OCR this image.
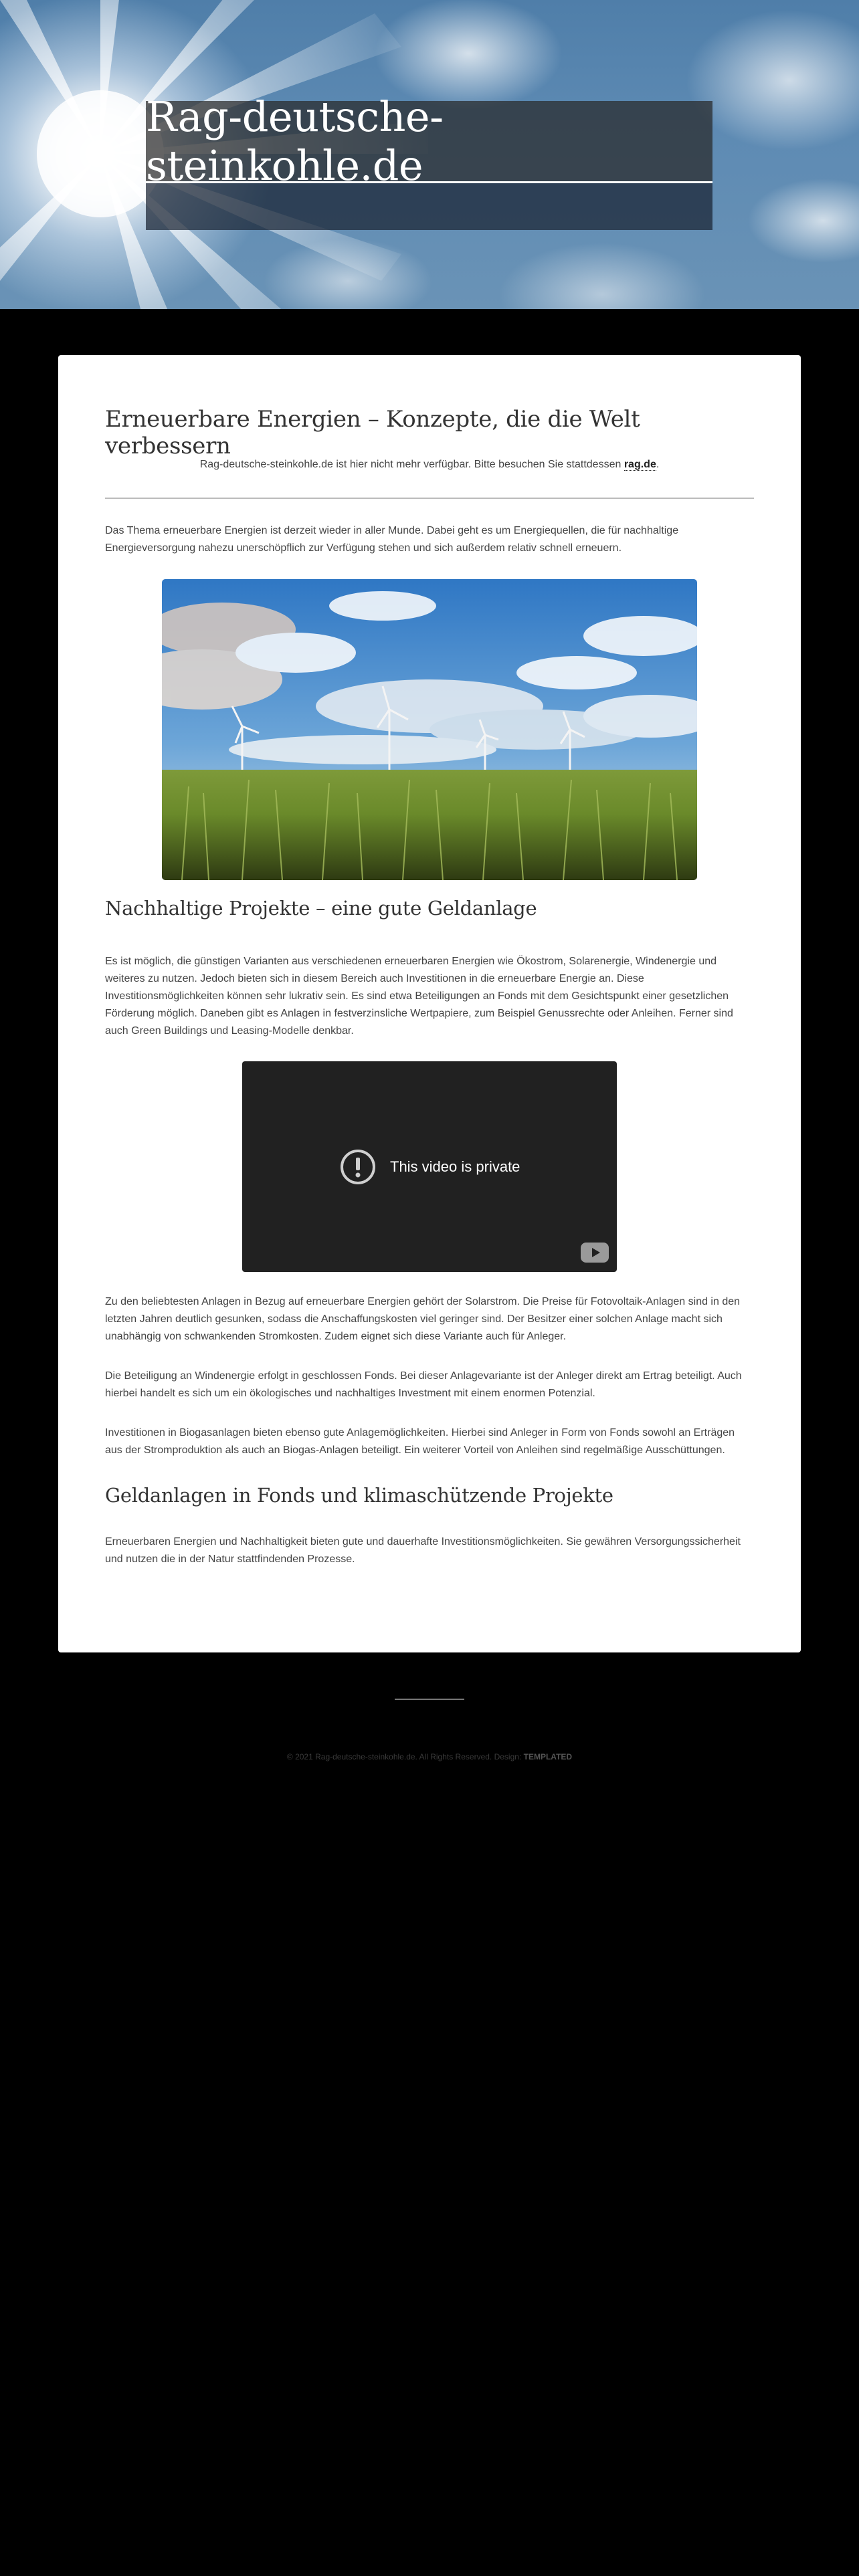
Rag-deutsche-steinkohle.de
Erneuerbare Energien – Konzepte, die die Welt verbessern
Rag-deutsche-steinkohle.de ist hier nicht mehr verfügbar. Bitte besuchen Sie stattdessen rag.de.

Das Thema erneuerbare Energien ist derzeit wieder in aller Munde. Dabei geht es um Energiequellen, die für nachhaltige Energieversorgung nahezu unerschöpflich zur Verfügung stehen und sich außerdem relativ schnell erneuern.

Nachhaltige Projekte – eine gute Geldanlage

Es ist möglich, die günstigen Varianten aus verschiedenen erneuerbaren Energien wie Ökostrom, Solarenergie, Windenergie und weiteres zu nutzen. Jedoch bieten sich in diesem Bereich auch Investitionen in die erneuerbare Energie an. Diese Investitionsmöglichkeiten können sehr lukrativ sein. Es sind etwa Beteiligungen an Fonds mit dem Gesichtspunkt einer gesetzlichen Förderung möglich. Daneben gibt es Anlagen in festverzinsliche Wertpapiere, zum Beispiel Genussrechte oder Anleihen. Ferner sind auch Green Buildings und Leasing-Modelle denkbar.

This video is private

Zu den beliebtesten Anlagen in Bezug auf erneuerbare Energien gehört der Solarstrom. Die Preise für Fotovoltaik-Anlagen sind in den letzten Jahren deutlich gesunken, sodass die Anschaffungskosten viel geringer sind. Der Besitzer einer solchen Anlage macht sich unabhängig von schwankenden Stromkosten. Zudem eignet sich diese Variante auch für Anleger.

Die Beteiligung an Windenergie erfolgt in geschlossen Fonds. Bei dieser Anlagevariante ist der Anleger direkt am Ertrag beteiligt. Auch hierbei handelt es sich um ein ökologisches und nachhaltiges Investment mit einem enormen Potenzial.

Investitionen in Biogasanlagen bieten ebenso gute Anlagemöglichkeiten. Hierbei sind Anleger in Form von Fonds sowohl an Erträgen aus der Stromproduktion als auch an Biogas-Anlagen beteiligt. Ein weiterer Vorteil von Anleihen sind regelmäßige Ausschüttungen.

Geldanlagen in Fonds und klimaschützende Projekte

Erneuerbaren Energien und Nachhaltigkeit bieten gute und dauerhafte Investitionsmöglichkeiten. Sie gewähren Versorgungssicherheit und nutzen die in der Natur stattfindenden Prozesse.

© 2021 Rag-deutsche-steinkohle.de. All Rights Reserved. Design: TEMPLATED
